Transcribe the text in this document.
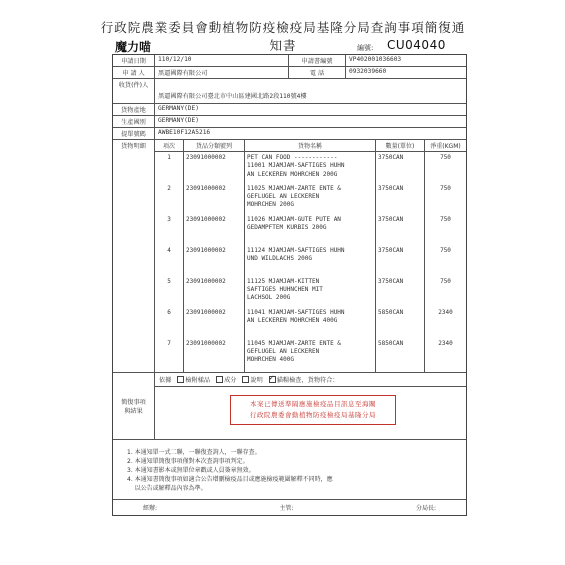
行政院農業委員會動植物防疫檢疫局基隆分局查詢事項簡復通知書
魔力喵	編號: CU04040
申請日期	110/12/10	申請書編號	VP402001036603
申 請 人	黑逼國際有限公司	電 話	0932039660
收貨(件)人
黑逼國際有限公司臺北市中山區建國北路2段110號4樓
貨物產地	GERMANY(DE)
生產國別	GERMANY(DE)
提單號碼	AWBE10F12A5216
貨物明細	項次	貨品分類號列	貨物名稱	數量(單位)	淨重(KGM)
1	23091000002	PET CAN FOOD ------------
11001 MJAMJAM-SAFTIGES HUHN
AN LECKEREN MOHRCHEN 200G	3750CAN	750
2	23091000002	11025 MJAMJAM-ZARTE ENTE &
GEFLUGEL AN LECKEREN
MOHRCHEN 200G	3750CAN	750
3	23091000002	11026 MJAMJAM-GUTE PUTE AN
GEDAMPFTEM KURBIS 200G	3750CAN	750
4	23091000002	11124 MJAMJAM-SAFTIGES HUHN
UND WILDLACHS 200G	3750CAN	750
5	23091000002	11125 MJAMJAM-KITTEN
SAFTIGES HUHNCHEN MIT
LACHSOL 200G	3750CAN	750
6	23091000002	11041 MJAMJAM-SAFTIGES HUHN
AN LECKEREN MOHRCHEN 400G	5850CAN	2340
7	23091000002	11045 MJAMJAM-ZARTE ENTE &
GEFLUGEL AN LECKEREN
MOHRCHEN 400G	5850CAN	2340
簡復事項
與結果
依據 檢附樣品 成分 說明 ✓ 貓糧檢查，貨物符合：
本案已傳送準隔應施檢疫品目訊息至海關
行政院農委會動植物防疫檢疫局基隆分局
1. 本通知單一式二聯，一聯復查詢人，一聯存查。
2. 本通知單簡復事項僅對本次查詢事項判定。
3. 本通知書影本或無單位章戳或人員簽章無效。
4. 本通知書簡復事項如適合公告增刪檢疫品目或應施檢疫範圍解釋不同時，應
以公告或解釋品內容為準。
經辦:	主管:	分局長:
